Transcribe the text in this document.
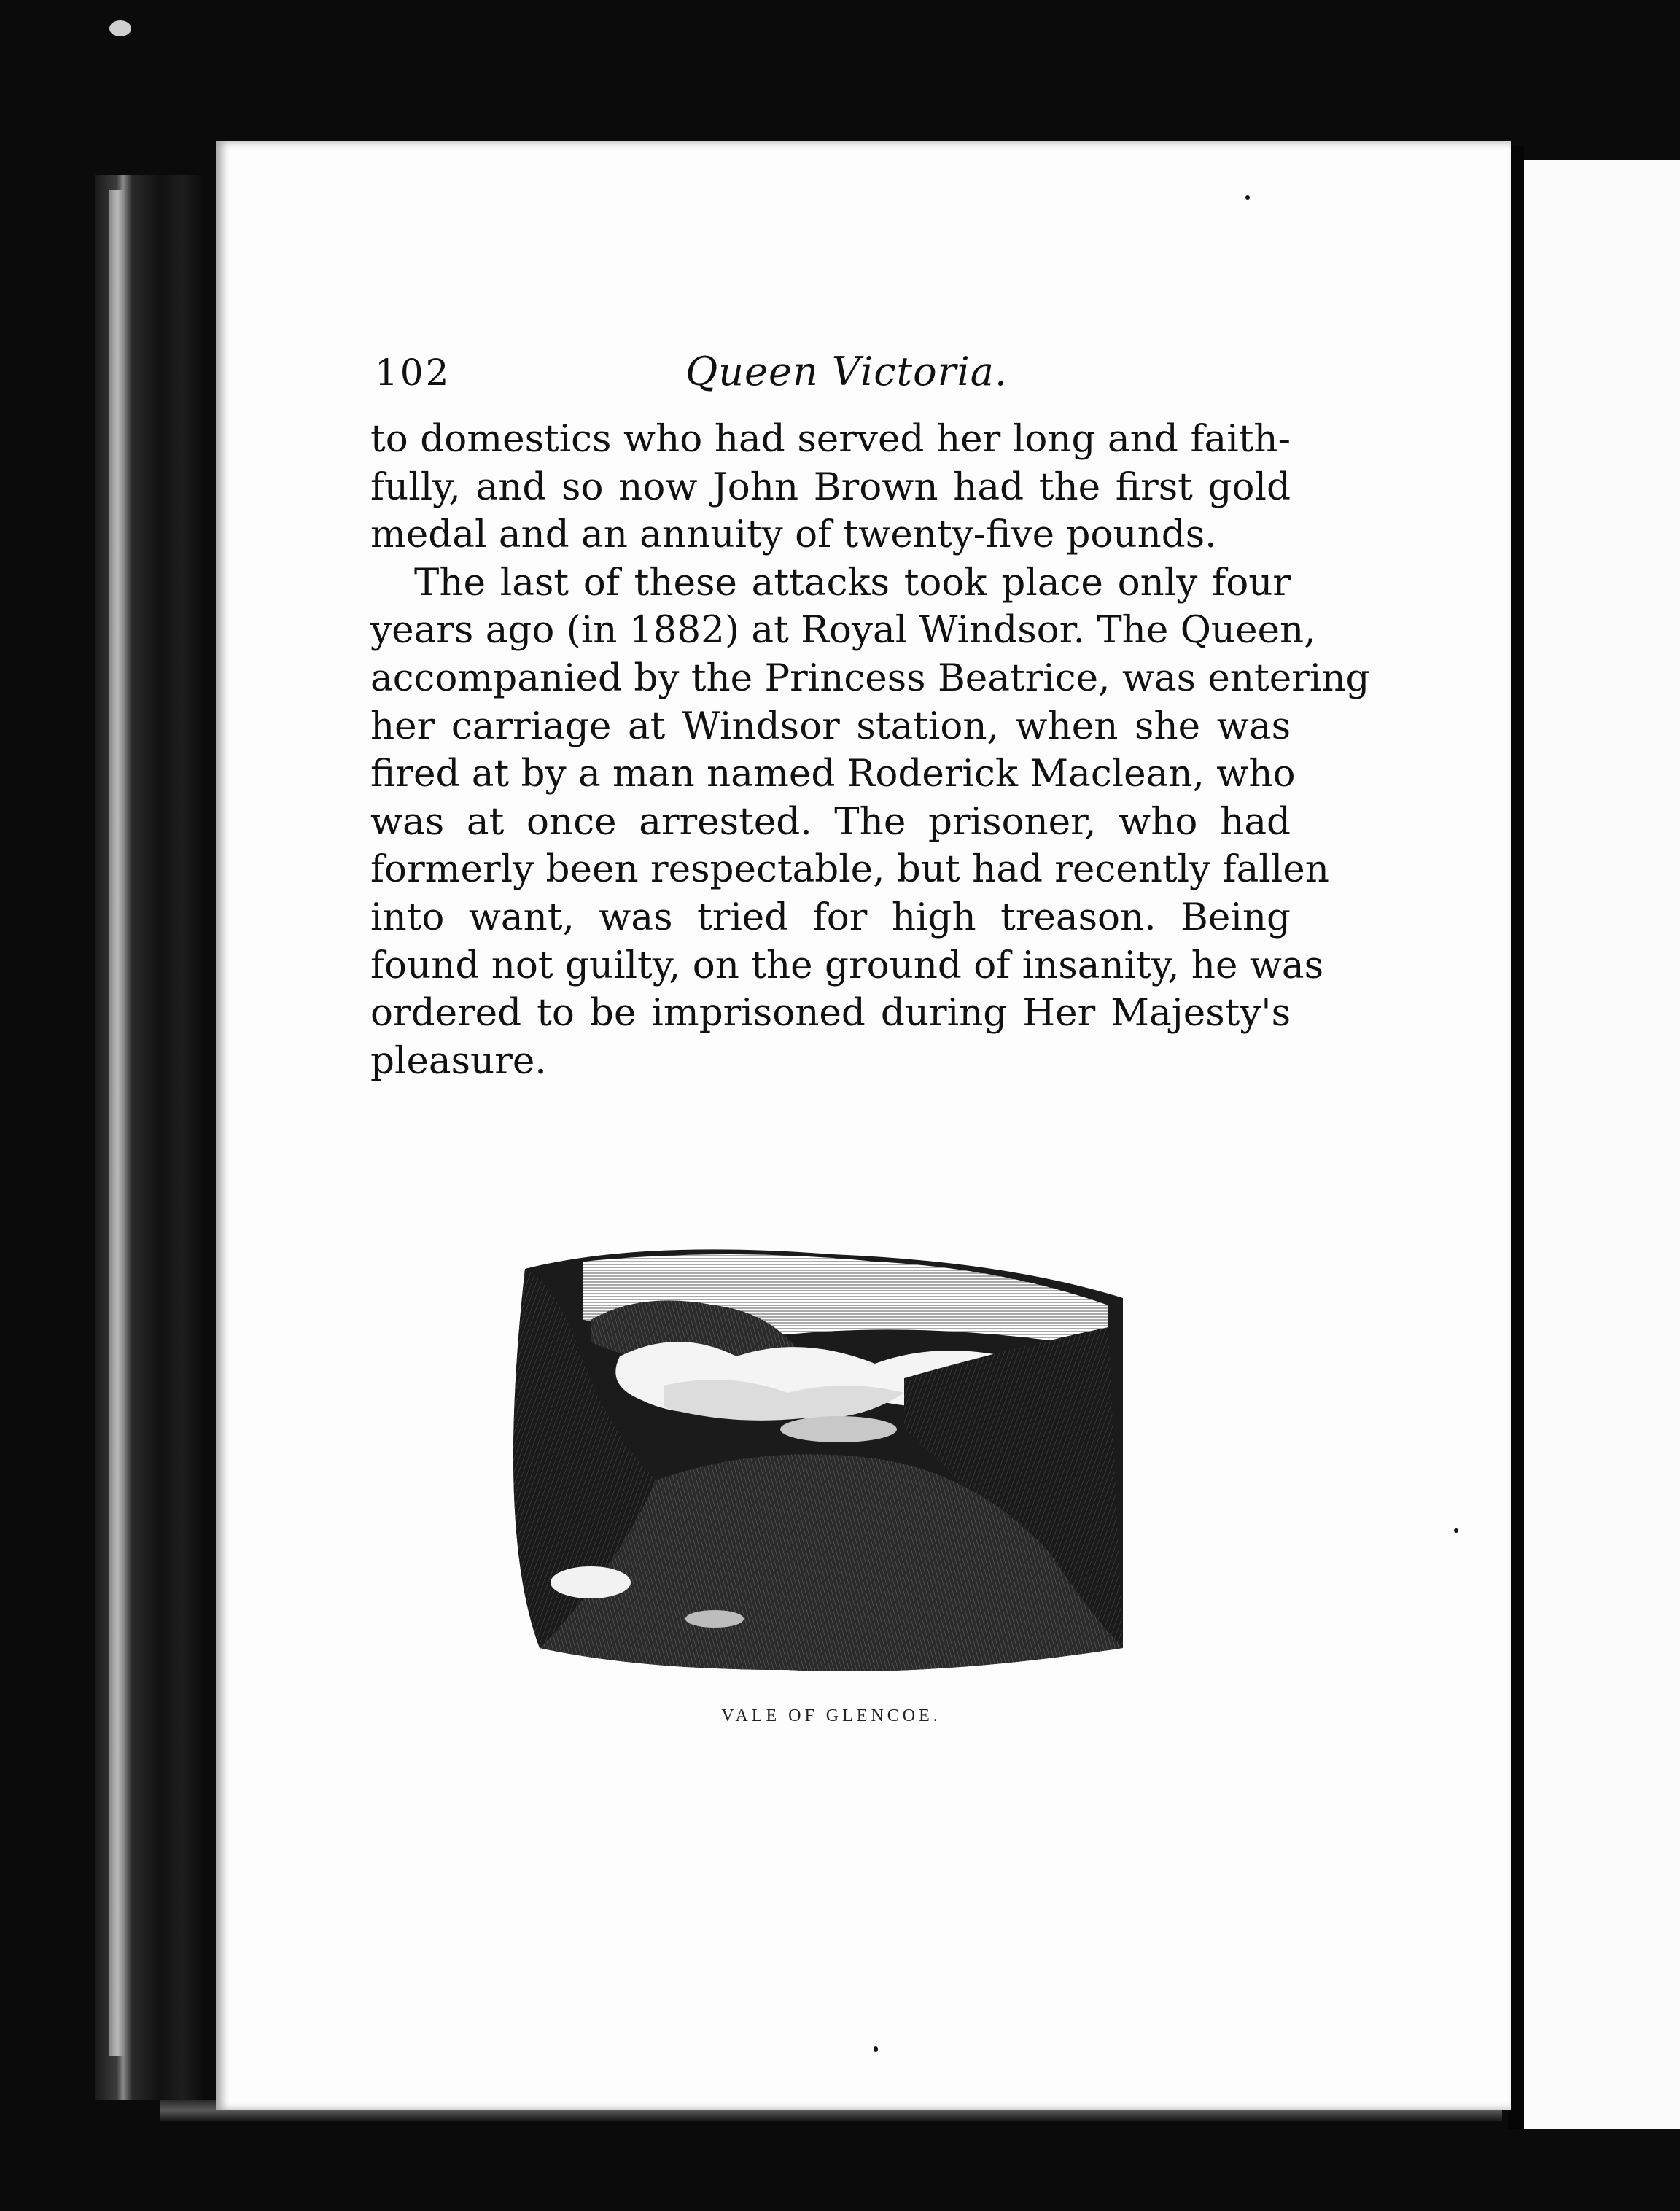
102	Queen Victoria.
to domestics who had served her long and faith-
fully, and so now John Brown had the first gold
medal and an annuity of twenty-five pounds.
The last of these attacks took place only four
years ago (in 1882) at Royal Windsor. The Queen,
accompanied by the Princess Beatrice, was entering
her carriage at Windsor station, when she was
fired at by a man named Roderick Maclean, who
was at once arrested. The prisoner, who had
formerly been respectable, but had recently fallen
into want, was tried for high treason. Being
found not guilty, on the ground of insanity, he was
ordered to be imprisoned during Her Majesty's
pleasure.
VALE OF GLENCOE.
